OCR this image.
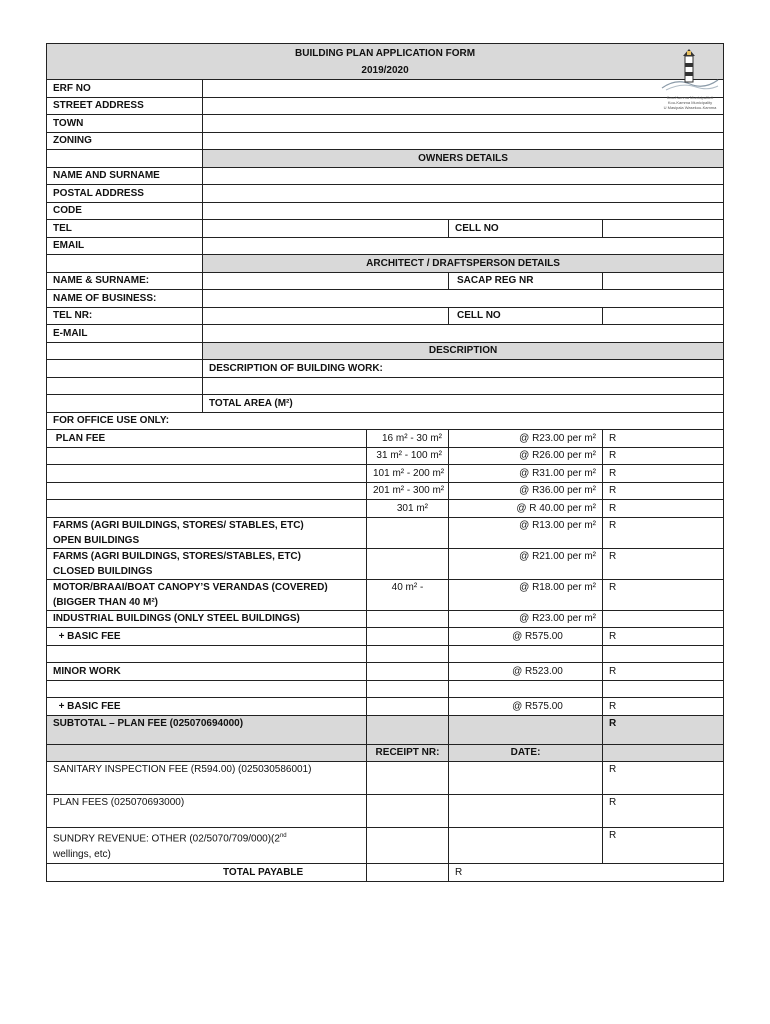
BUILDING PLAN APPLICATION FORM
2019/2020				

ERF NO				
STREET ADDRESS				
TOWN				
ZONING				
	OWNERS DETAILS			
NAME AND SURNAME				
POSTAL ADDRESS				
CODE				
TEL			CELL NO	
EMAIL				
	ARCHITECT / DRAFTSPERSON DETAILS			
NAME & SURNAME:			SACAP REG NR	
NAME OF BUSINESS:				
TEL NR:			CELL NO	
E-MAIL				
	DESCRIPTION			
	DESCRIPTION OF BUILDING WORK:			

	TOTAL AREA (M²)			
FOR OFFICE USE ONLY:				
PLAN FEE		16 m² - 30 m²	@ R23.00 per m²	R
		31 m² - 100 m²	@ R26.00 per m²	R
		101 m² - 200 m²	@ R31.00 per m²	R
		201 m² - 300 m²	@ R36.00 per m²	R
		301 m²	@ R 40.00 per m²	R

FARMS (AGRI BUILDINGS, STORES/ STABLES, ETC)
OPEN BUILDINGS			@ R13.00 per m²	R

FARMS (AGRI BUILDINGS, STORES/STABLES, ETC)
CLOSED BUILDINGS			@ R21.00 per m²	R

MOTOR/BRAAI/BOAT CANOPY’S VERANDAS (COVERED)
(BIGGER THAN 40 M²)		40 m² -	@ R18.00 per m²	R
INDUSTRIAL BUILDINGS (ONLY STEEL BUILDINGS)			@ R23.00 per m²	
+ BASIC FEE			@ R575.00	R

MINOR WORK			@ R523.00	R

+ BASIC FEE			@ R575.00	R
SUBTOTAL – PLAN FEE (025070694000)				R
		RECEIPT NR:	DATE:	
SANITARY INSPECTION FEE (R594.00) (025030586001)				R
PLAN FEES (025070693000)				R

SUNDRY REVENUE: OTHER (02/5070/709/000)(2nd
wellings, etc)				R
TOTAL PAYABLE			R	
Kou-Kamma Munisipaliteit
Kou-Kamma Municipality
U Masipala Wasekou-Kamma
